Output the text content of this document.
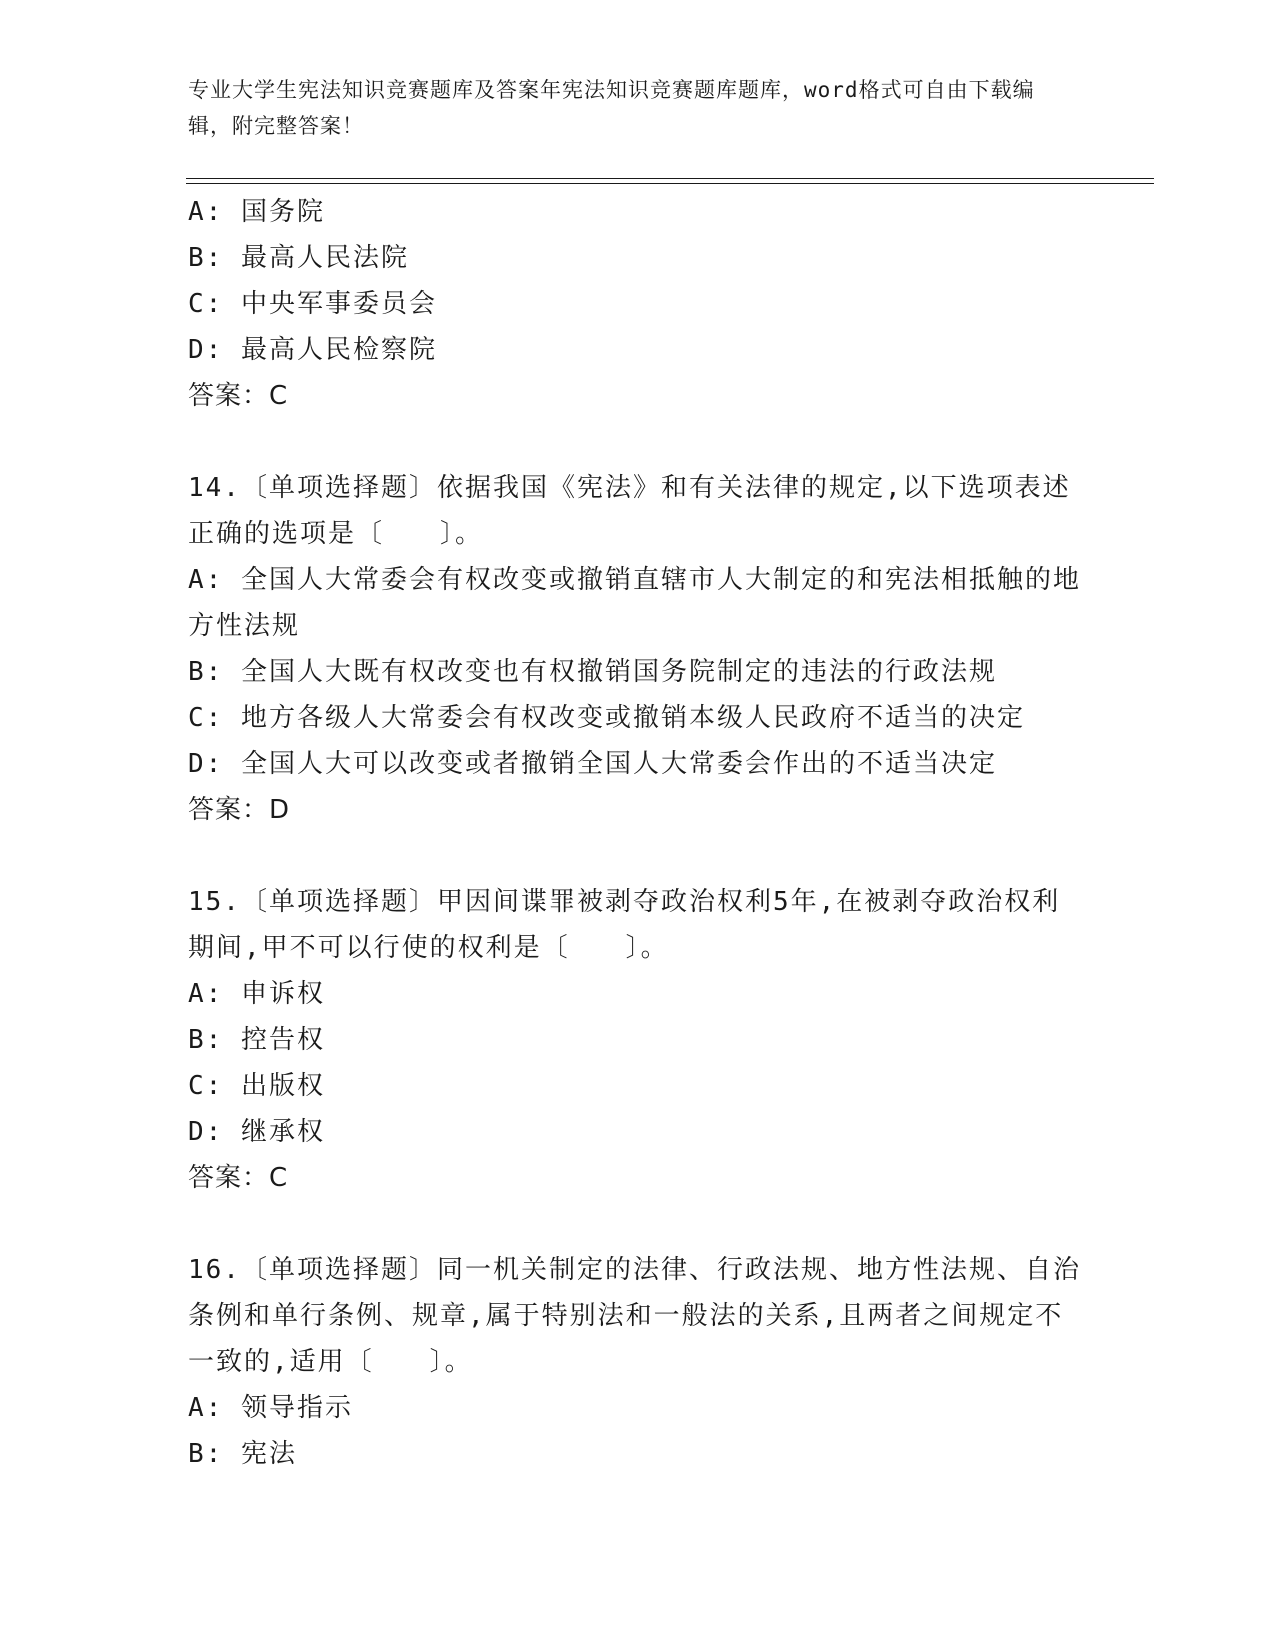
专业大学生宪法知识竞赛题库及答案年宪法知识竞赛题库题库，word格式可自由下载编辑，附完整答案！
A: 国务院
B: 最高人民法院
C: 中央军事委员会
D: 最高人民检察院
答案：C
14.〔单项选择题〕依据我国《宪法》和有关法律的规定,以下选项表述正确的选项是〔　　〕。
A: 全国人大常委会有权改变或撤销直辖市人大制定的和宪法相抵触的地方性法规
B: 全国人大既有权改变也有权撤销国务院制定的违法的行政法规
C: 地方各级人大常委会有权改变或撤销本级人民政府不适当的决定
D: 全国人大可以改变或者撤销全国人大常委会作出的不适当决定
答案：D
15.〔单项选择题〕甲因间谍罪被剥夺政治权利5年,在被剥夺政治权利期间,甲不可以行使的权利是〔　　〕。
A: 申诉权
B: 控告权
C: 出版权
D: 继承权
答案：C
16.〔单项选择题〕同一机关制定的法律、行政法规、地方性法规、自治条例和单行条例、规章,属于特别法和一般法的关系,且两者之间规定不一致的,适用〔　　〕。
A: 领导指示
B: 宪法
